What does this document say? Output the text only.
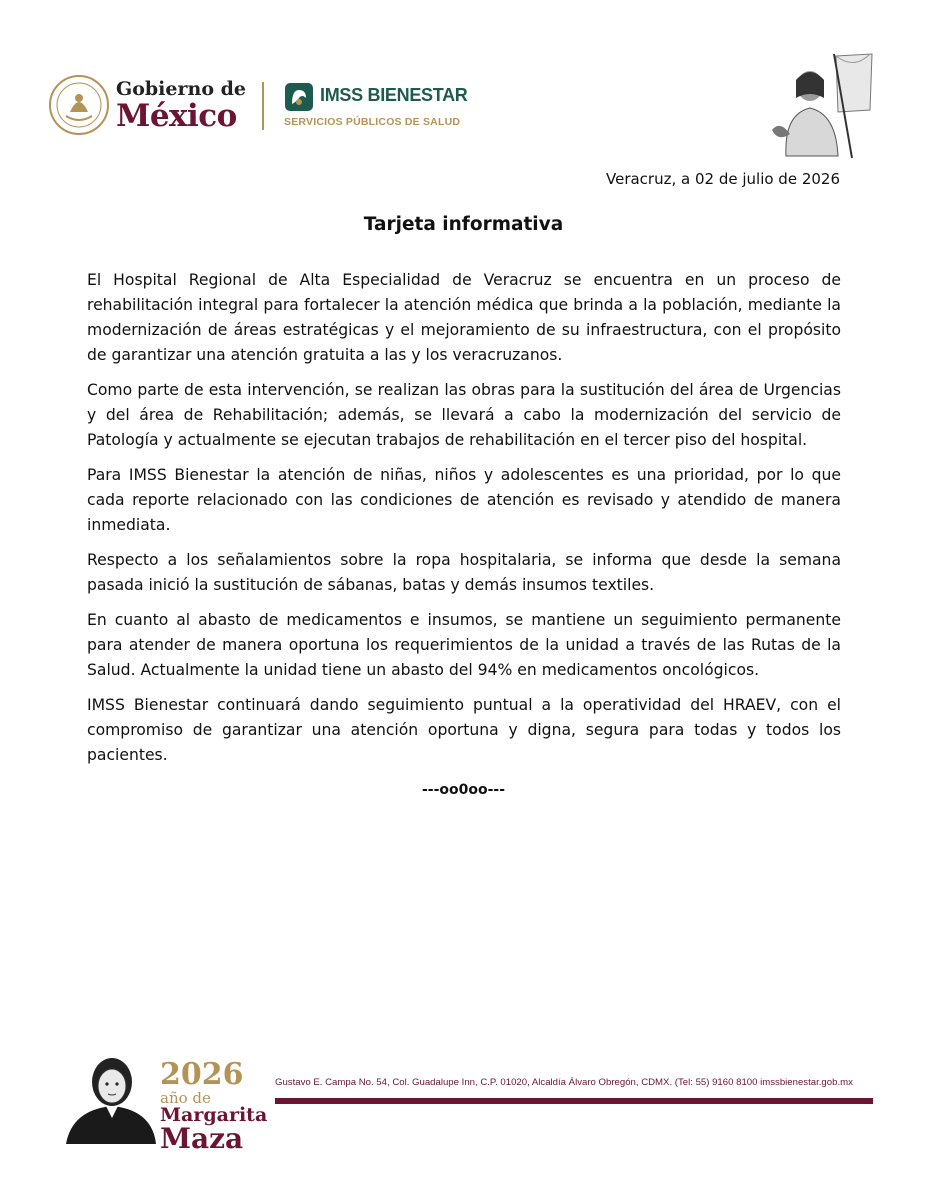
Gobierno de
México
IMSS BIENESTAR
SERVICIOS PÚBLICOS DE SALUD
Veracruz, a 02 de julio de 2026
Tarjeta informativa

El Hospital Regional de Alta Especialidad de Veracruz se encuentra en un proceso de rehabilitación integral para fortalecer la atención médica que brinda a la población, mediante la modernización de áreas estratégicas y el mejoramiento de su infraestructura, con el propósito de garantizar una atención gratuita a las y los veracruzanos.

Como parte de esta intervención, se realizan las obras para la sustitución del área de Urgencias y del área de Rehabilitación; además, se llevará a cabo la modernización del servicio de Patología y actualmente se ejecutan trabajos de rehabilitación en el tercer piso del hospital.

Para IMSS Bienestar la atención de niñas, niños y adolescentes es una prioridad, por lo que cada reporte relacionado con las condiciones de atención es revisado y atendido de manera inmediata.

Respecto a los señalamientos sobre la ropa hospitalaria, se informa que desde la semana pasada inició la sustitución de sábanas, batas y demás insumos textiles.

En cuanto al abasto de medicamentos e insumos, se mantiene un seguimiento permanente para atender de manera oportuna los requerimientos de la unidad a través de las Rutas de la Salud. Actualmente la unidad tiene un abasto del 94% en medicamentos oncológicos.

IMSS Bienestar continuará dando seguimiento puntual a la operatividad del HRAEV, con el compromiso de garantizar una atención oportuna y digna, segura para todas y todos los pacientes.

---oo0oo---
2026
año de
Margarita
Maza
Gustavo E. Campa No. 54, Col. Guadalupe Inn, C.P. 01020, Alcaldía Álvaro Obregón, CDMX. (Tel: 55) 9160 8100 imssbienestar.gob.mx
